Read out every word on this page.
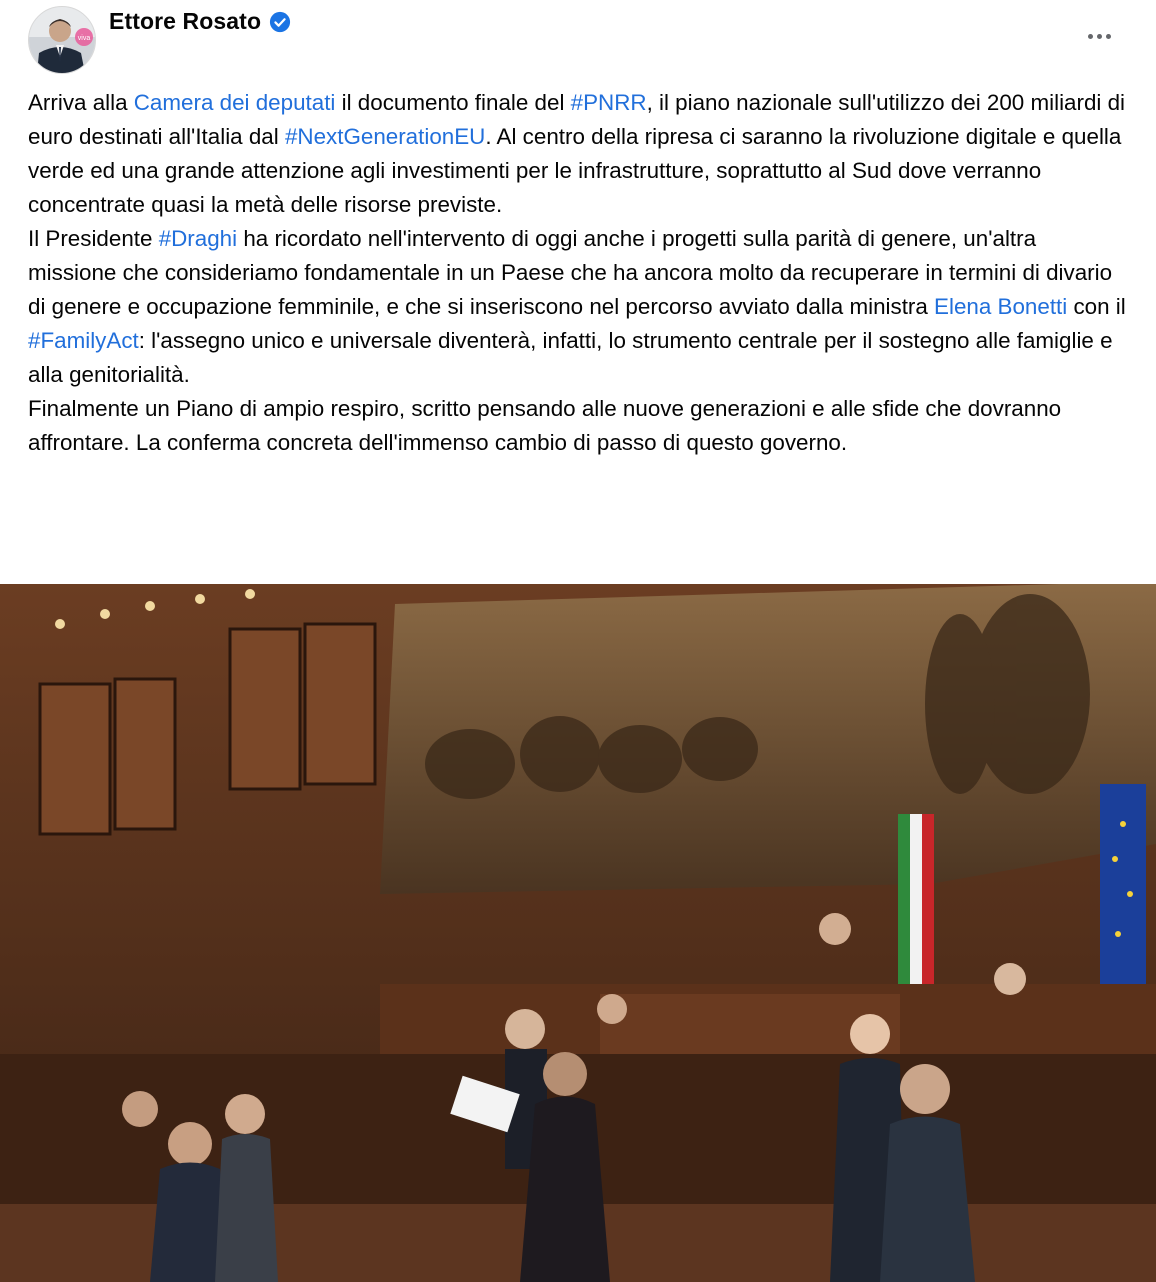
viva
Ettore Rosato

Arriva alla Camera dei deputati il documento finale del #PNRR, il piano nazionale sull'utilizzo dei 200 miliardi di euro destinati all'Italia dal #NextGenerationEU. Al centro della ripresa ci saranno la rivoluzione digitale e quella verde ed una grande attenzione agli investimenti per le infrastrutture, soprattutto al Sud dove verranno concentrate quasi la metà delle risorse previste.

Il Presidente #Draghi ha ricordato nell'intervento di oggi anche i progetti sulla parità di genere, un'altra missione che consideriamo fondamentale in un Paese che ha ancora molto da recuperare in termini di divario di genere e occupazione femminile, e che si inseriscono nel percorso avviato dalla ministra Elena Bonetti con il #FamilyAct: l'assegno unico e universale diventerà, infatti, lo strumento centrale per il sostegno alle famiglie e alla genitorialità.

Finalmente un Piano di ampio respiro, scritto pensando alle nuove generazioni e alle sfide che dovranno affrontare. La conferma concreta dell'immenso cambio di passo di questo governo.
